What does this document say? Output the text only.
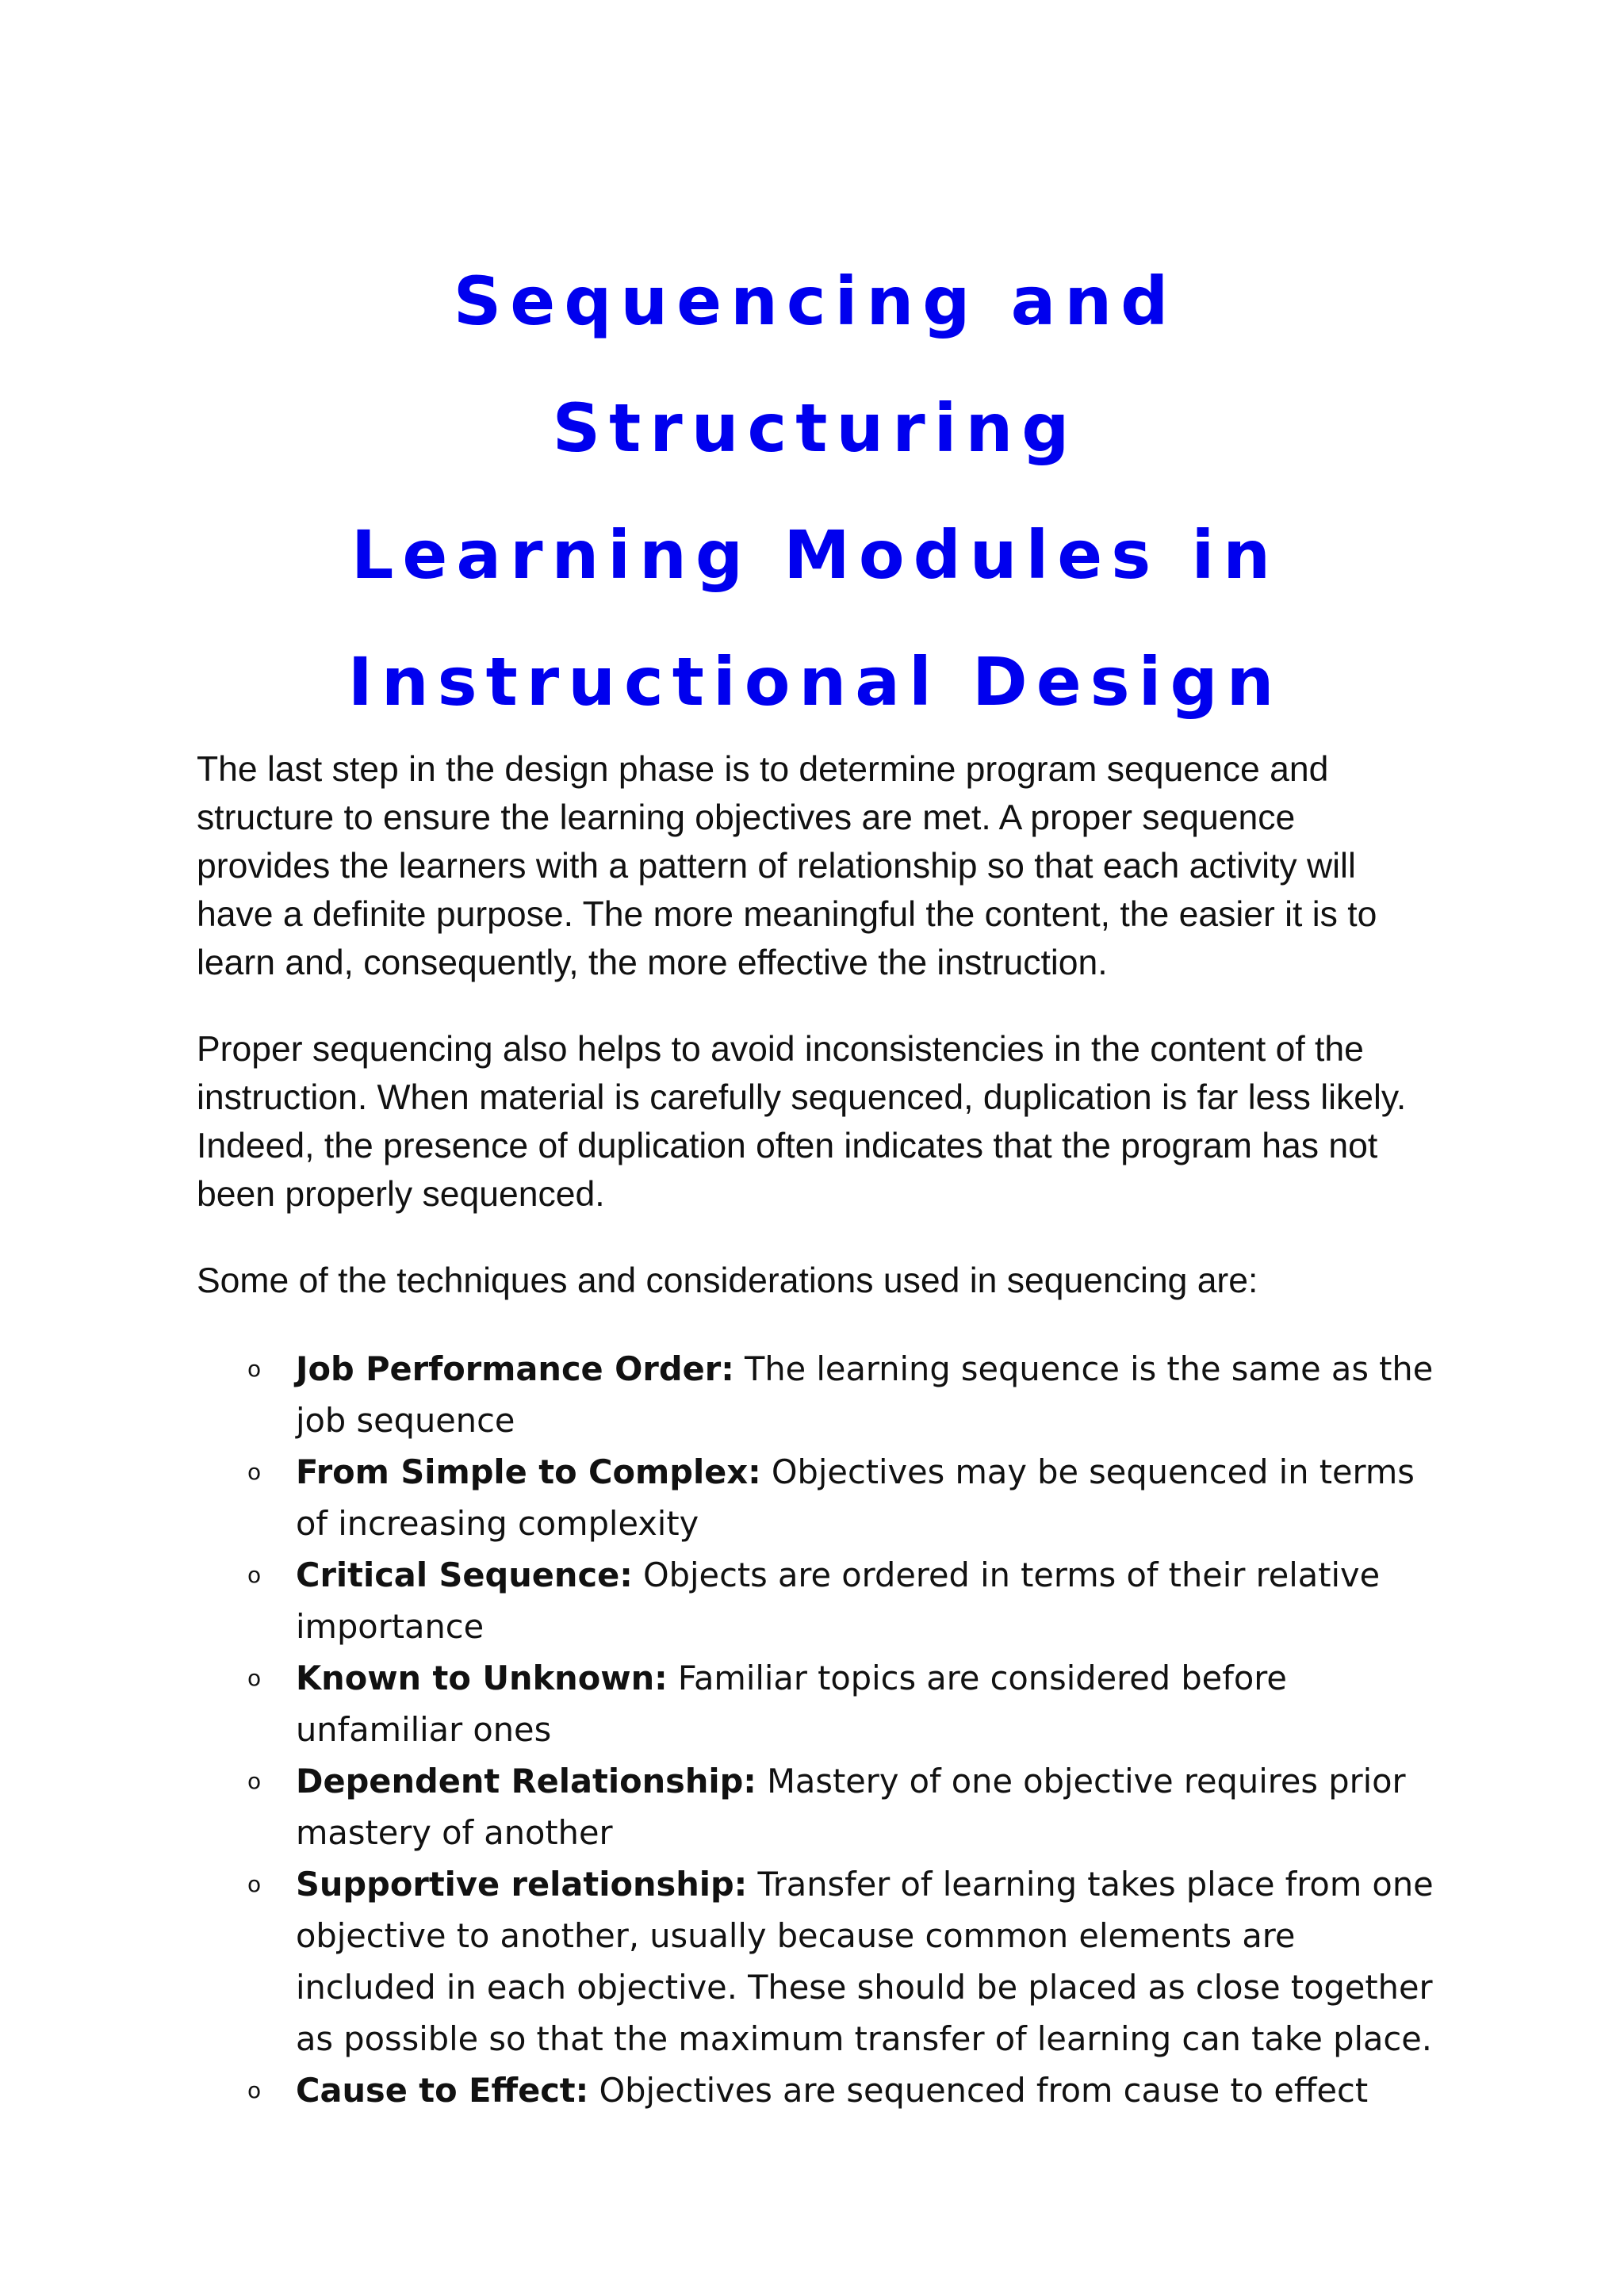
Sequencing and Structuring
Learning Modules in
Instructional Design

The last step in the design phase is to determine program sequence and structure to ensure the learning objectives are met. A proper sequence provides the learners with a pattern of relationship so that each activity will have a definite purpose. The more meaningful the content, the easier it is to learn and, consequently, the more effective the instruction.

Proper sequencing also helps to avoid inconsistencies in the content of the instruction. When material is carefully sequenced, duplication is far less likely. Indeed, the presence of duplication often indicates that the program has not been properly sequenced.

Some of the techniques and considerations used in sequencing are:

o Job Performance Order: The learning sequence is the same as the job sequence
o From Simple to Complex: Objectives may be sequenced in terms of increasing complexity
o Critical Sequence: Objects are ordered in terms of their relative importance
o Known to Unknown: Familiar topics are considered before unfamiliar ones
o Dependent Relationship: Mastery of one objective requires prior mastery of another
o Supportive relationship: Transfer of learning takes place from one objective to another, usually because common elements are included in each objective. These should be placed as close together as possible so that the maximum transfer of learning can take place.
o Cause to Effect: Objectives are sequenced from cause to effect
